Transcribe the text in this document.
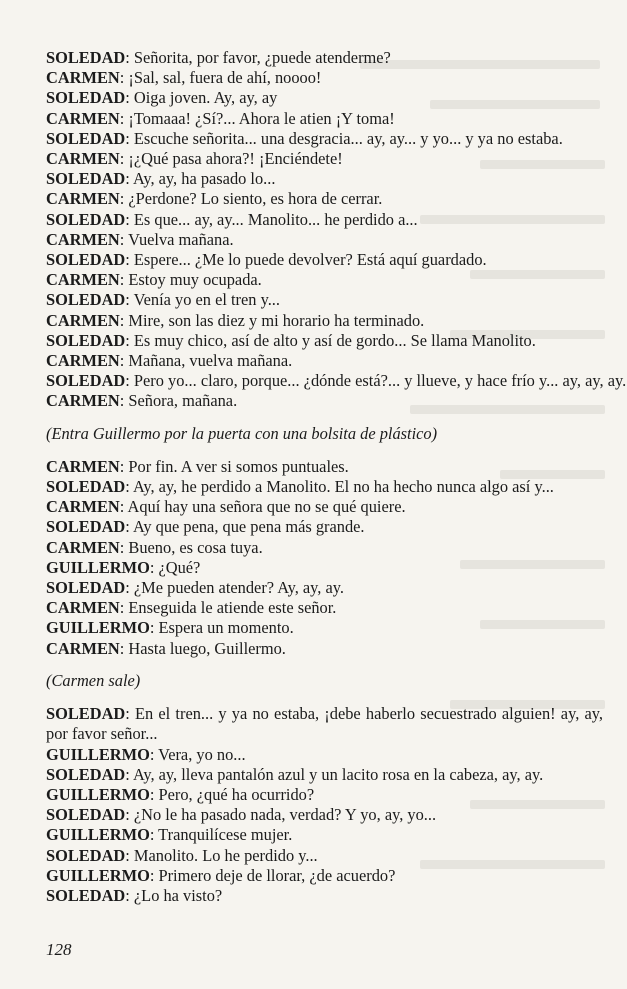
SOLEDAD: Señorita, por favor, ¿puede atenderme?
CARMEN: ¡Sal, sal, fuera de ahí, noooo!
SOLEDAD: Oiga joven. Ay, ay, ay
CARMEN: ¡Tomaaa! ¿Sí?... Ahora le atien ¡Y toma!
SOLEDAD: Escuche señorita... una desgracia... ay, ay... y yo... y ya no estaba.
CARMEN: ¡¿Qué pasa ahora?! ¡Enciéndete!
SOLEDAD: Ay, ay, ha pasado lo...
CARMEN: ¿Perdone? Lo siento, es hora de cerrar.
SOLEDAD: Es que... ay, ay... Manolito... he perdido a...
CARMEN: Vuelva mañana.
SOLEDAD: Espere... ¿Me lo puede devolver? Está aquí guardado.
CARMEN: Estoy muy ocupada.
SOLEDAD: Venía yo en el tren y...
CARMEN: Mire, son las diez y mi horario ha terminado.
SOLEDAD: Es muy chico, así de alto y así de gordo... Se llama Manolito.
CARMEN: Mañana, vuelva mañana.
SOLEDAD: Pero yo... claro, porque... ¿dónde está?... y llueve, y hace frío y... ay, ay, ay.
CARMEN: Señora, mañana.
(Entra Guillermo por la puerta con una bolsita de plástico)
CARMEN: Por fin. A ver si somos puntuales.
SOLEDAD: Ay, ay, he perdido a Manolito. El no ha hecho nunca algo así y...
CARMEN: Aquí hay una señora que no se qué quiere.
SOLEDAD: Ay que pena, que pena más grande.
CARMEN: Bueno, es cosa tuya.
GUILLERMO: ¿Qué?
SOLEDAD: ¿Me pueden atender? Ay, ay, ay.
CARMEN: Enseguida le atiende este señor.
GUILLERMO: Espera un momento.
CARMEN: Hasta luego, Guillermo.
(Carmen sale)
SOLEDAD: En el tren... y ya no estaba, ¡debe haberlo secuestrado alguien! ay, ay, por favor señor...
GUILLERMO: Vera, yo no...
SOLEDAD: Ay, ay, lleva pantalón azul y un lacito rosa en la cabeza, ay, ay.
GUILLERMO: Pero, ¿qué ha ocurrido?
SOLEDAD: ¿No le ha pasado nada, verdad? Y yo, ay, yo...
GUILLERMO: Tranquilícese mujer.
SOLEDAD: Manolito. Lo he perdido y...
GUILLERMO: Primero deje de llorar, ¿de acuerdo?
SOLEDAD: ¿Lo ha visto?
128
